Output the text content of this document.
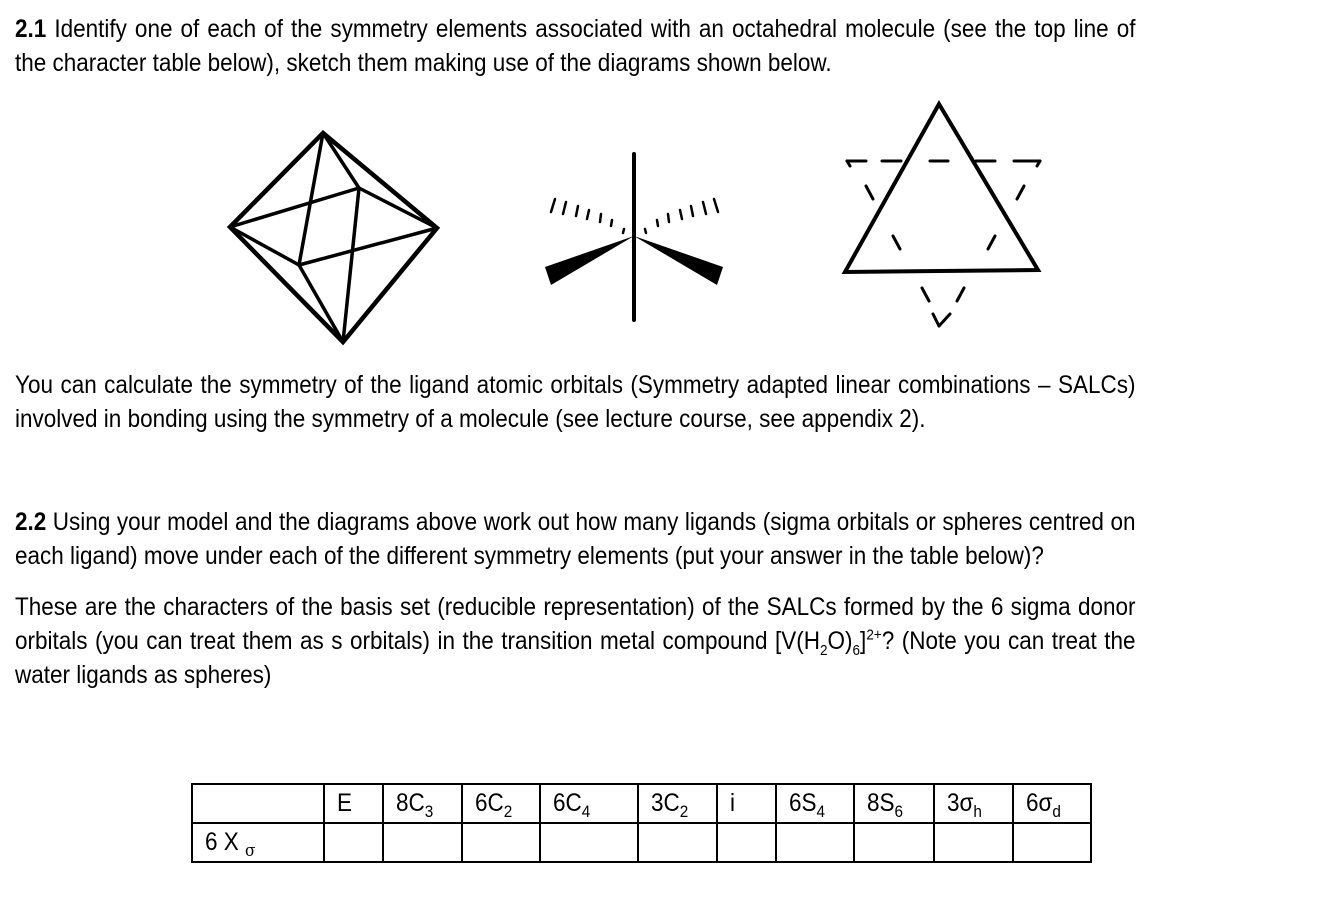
2.1 Identify one of each of the symmetry elements associated with an octahedral molecule (see the top line of the character table below), sketch them making use of the diagrams shown below.
You can calculate the symmetry of the ligand atomic orbitals (Symmetry adapted linear combinations – SALCs) involved in bonding using the symmetry of a molecule (see lecture course, see appendix 2).
2.2 Using your model and the diagrams above work out how many ligands (sigma orbitals or spheres centred on each ligand) move under each of the different symmetry elements (put your answer in the table below)?
These are the characters of the basis set (reducible representation) of the SALCs formed by the 6 sigma donor orbitals (you can treat them as s orbitals) in the transition metal compound $[V(H_2O)_6]^{2+}$? (Note you can treat the water ligands as spheres)
	E	$8C_3$	$6C_2$	$6C_4$	$3C_2$	i	$6S_4$	$8S_6$	$3\sigma_h$	$6\sigma_d$
6 X $_\sigma$										
